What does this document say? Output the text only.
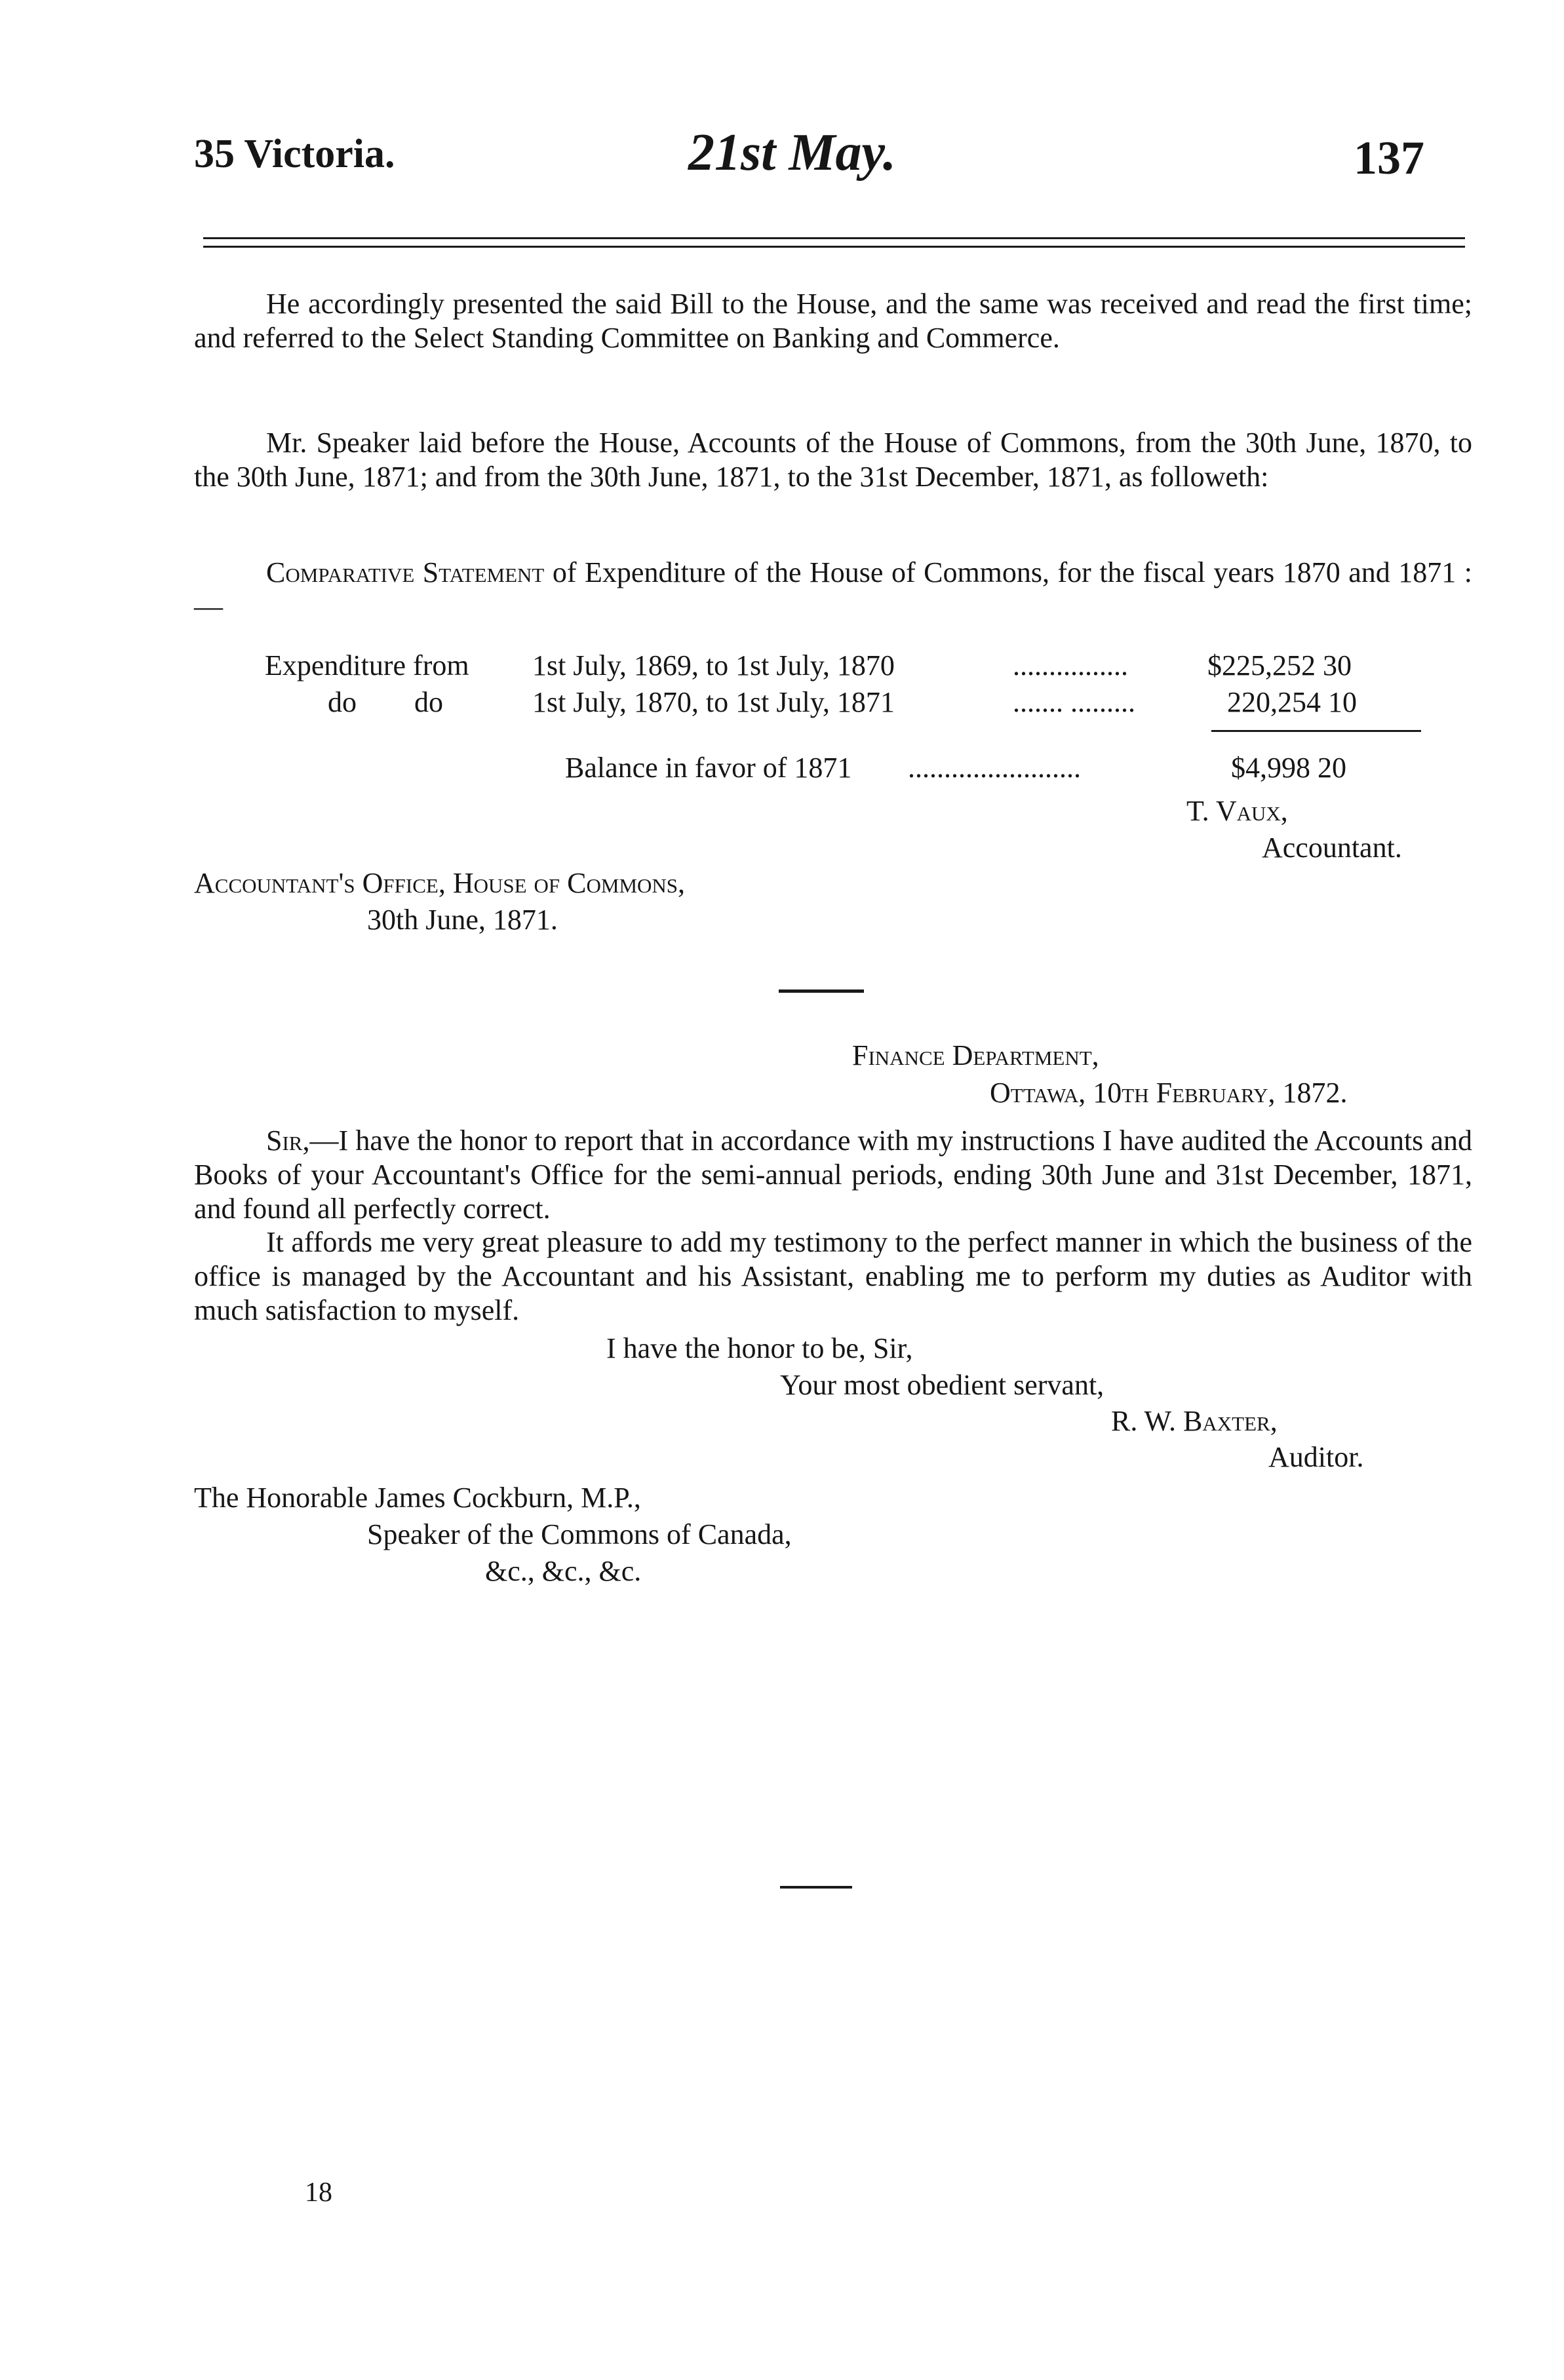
35 Victoria.	21st May.	137
He accordingly presented the said Bill to the House, and the same was received and read the first time; and referred to the Select Standing Committee on Banking and Commerce.
Mr. Speaker laid before the House, Accounts of the House of Commons, from the 30th June, 1870, to the 30th June, 1871; and from the 30th June, 1871, to the 31st December, 1871, as followeth:
Comparative Statement of Expenditure of the House of Commons, for the fiscal years 1870 and 1871 :—
Expenditure from 1st July, 1869, to 1st July, 1870	................	$225,252 30
do        do	1st July, 1870, to 1st July, 1871	....... .........	220,254 10
Balance in favor of 1871 ........................	$4,998 20
T. Vaux,
Accountant.
Accountant's Office, House of Commons,
30th June, 1871.
Finance Department,
Ottawa, 10th February, 1872.
Sir,—I have the honor to report that in accordance with my instructions I have audited the Accounts and Books of your Accountant's Office for the semi-annual periods, ending 30th June and 31st December, 1871, and found all perfectly correct.
It affords me very great pleasure to add my testimony to the perfect manner in which the business of the office is managed by the Accountant and his Assistant, enabling me to perform my duties as Auditor with much satisfaction to myself.
I have the honor to be, Sir,
Your most obedient servant,
R. W. Baxter,
Auditor.
The Honorable James Cockburn, M.P.,
Speaker of the Commons of Canada,
&c., &c., &c.
18
